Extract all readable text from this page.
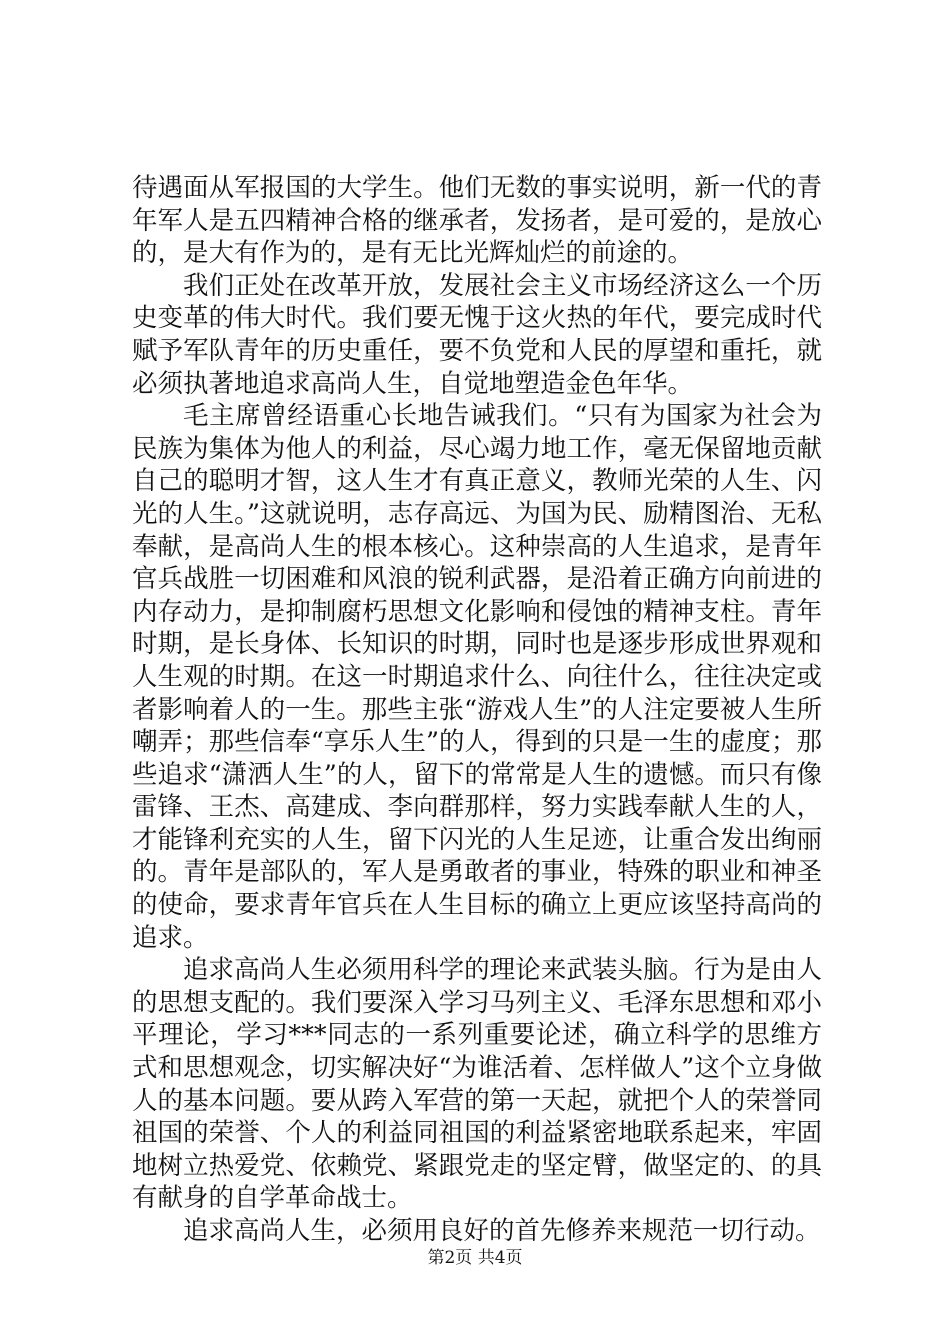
待遇面从军报国的大学生。他们无数的事实说明，新一代的青年军人是五四精神合格的继承者，发扬者，是可爱的，是放心的，是大有作为的，是有无比光辉灿烂的前途的。

我们正处在改革开放，发展社会主义市场经济这么一个历史变革的伟大时代。我们要无愧于这火热的年代，要完成时代赋予军队青年的历史重任，要不负党和人民的厚望和重托，就必须执著地追求高尚人生，自觉地塑造金色年华。

毛主席曾经语重心长地告诫我们。“只有为国家为社会为民族为集体为他人的利益，尽心竭力地工作，毫无保留地贡献自己的聪明才智，这人生才有真正意义，教师光荣的人生、闪光的人生。”这就说明，志存高远、为国为民、励精图治、无私奉献，是高尚人生的根本核心。这种崇高的人生追求，是青年官兵战胜一切困难和风浪的锐利武器，是沿着正确方向前进的内存动力，是抑制腐朽思想文化影响和侵蚀的精神支柱。青年时期，是长身体、长知识的时期，同时也是逐步形成世界观和人生观的时期。在这一时期追求什么、向往什么，往往决定或者影响着人的一生。那些主张“游戏人生”的人注定要被人生所嘲弄；那些信奉“享乐人生”的人，得到的只是一生的虚度；那些追求“潇洒人生”的人，留下的常常是人生的遗憾。而只有像雷锋、王杰、高建成、李向群那样，努力实践奉献人生的人，才能锋利充实的人生，留下闪光的人生足迹，让重合发出绚丽的。青年是部队的，军人是勇敢者的事业，特殊的职业和神圣的使命，要求青年官兵在人生目标的确立上更应该坚持高尚的追求。

追求高尚人生必须用科学的理论来武装头脑。行为是由人的思想支配的。我们要深入学习马列主义、毛泽东思想和邓小平理论，学习***同志的一系列重要论述，确立科学的思维方式和思想观念，切实解决好“为谁活着、怎样做人”这个立身做人的基本问题。要从跨入军营的第一天起，就把个人的荣誉同祖国的荣誉、个人的利益同祖国的利益紧密地联系起来，牢固地树立热爱党、依赖党、紧跟党走的坚定臂，做坚定的、的具有献身的自学革命战士。

追求高尚人生，必须用良好的首先修养来规范一切行动。

第2页 共4页
